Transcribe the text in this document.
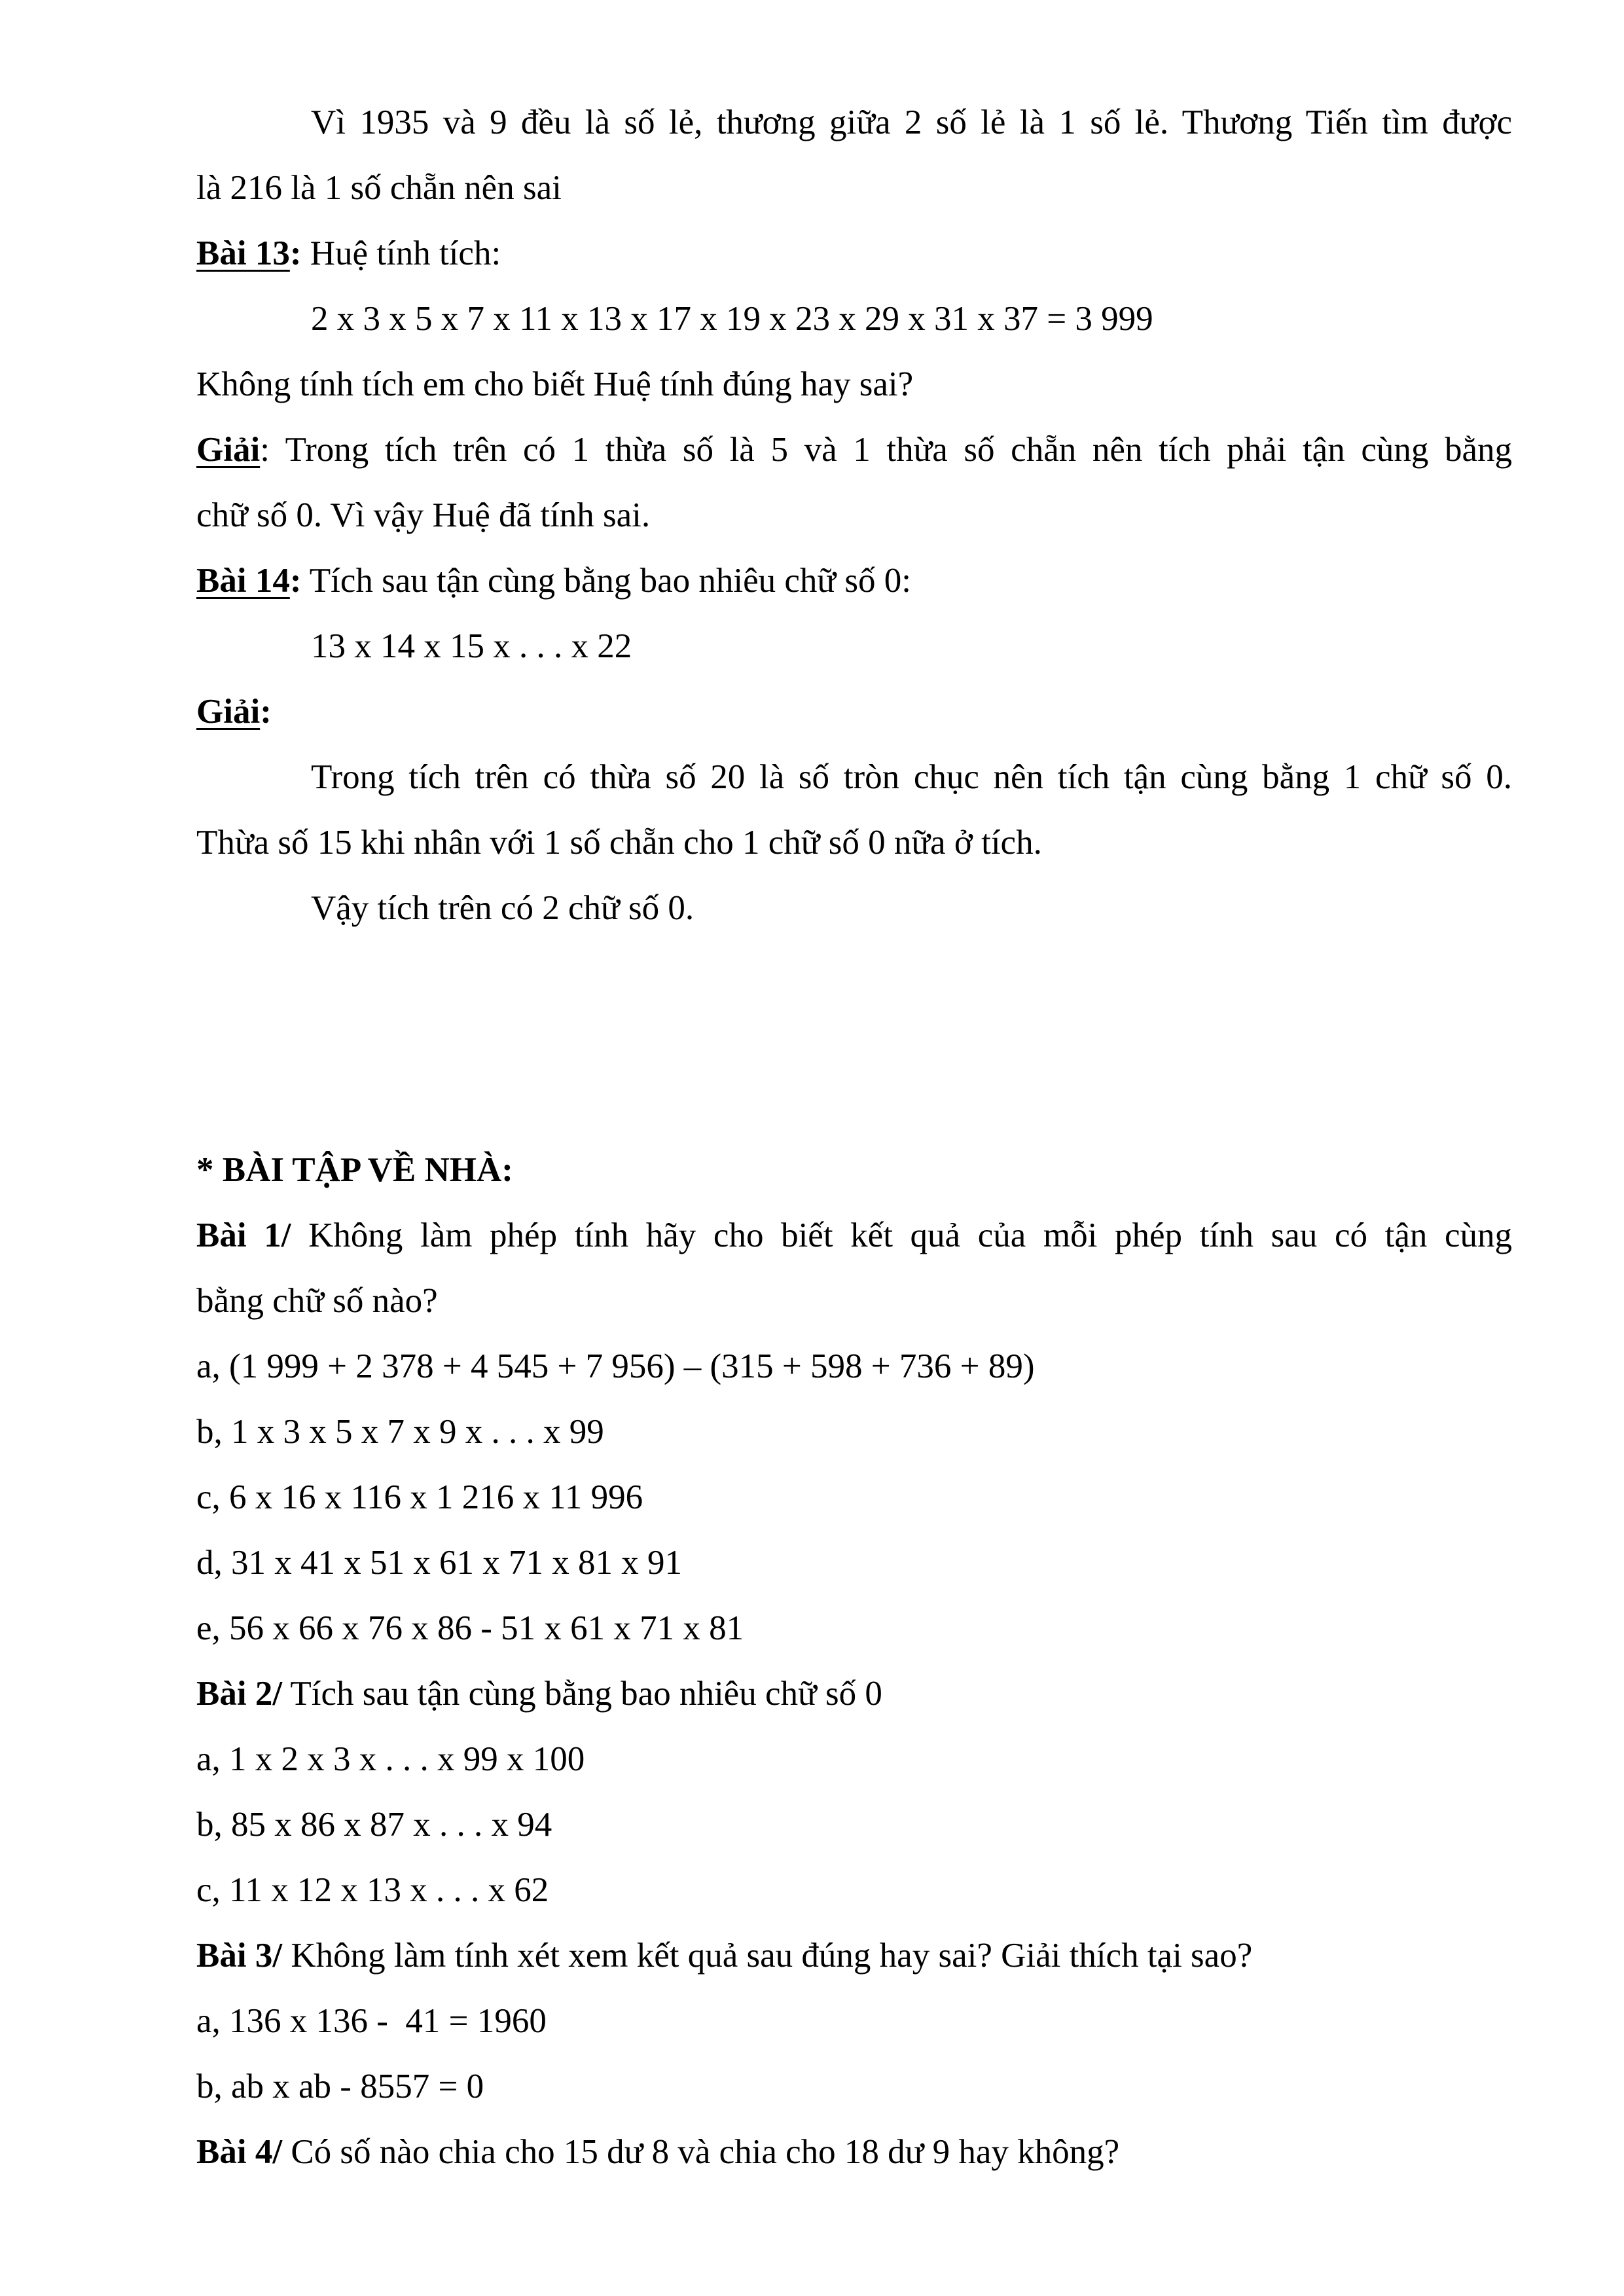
Vì 1935 và 9 đều là số lẻ, thương giữa 2 số lẻ là 1 số lẻ. Thương Tiến tìm được
là 216 là 1 số chẵn nên sai
Bài 13: Huệ tính tích:
2 x 3 x 5 x 7 x 11 x 13 x 17 x 19 x 23 x 29 x 31 x 37 = 3 999
Không tính tích em cho biết Huệ tính đúng hay sai?
Giải: Trong tích trên có 1 thừa số là 5 và 1 thừa số chẵn nên tích phải tận cùng bằng
chữ số 0. Vì vậy Huệ đã tính sai.
Bài 14: Tích sau tận cùng bằng bao nhiêu chữ số 0:
13 x 14 x 15 x . . . x 22
Giải:
Trong tích trên có thừa số 20 là số tròn chục nên tích tận cùng bằng 1 chữ số 0.
Thừa số 15 khi nhân với 1 số chẵn cho 1 chữ số 0 nữa ở tích.
Vậy tích trên có 2 chữ số 0.
* BÀI TẬP VỀ NHÀ:
Bài 1/ Không làm phép tính hãy cho biết kết quả của mỗi phép tính sau có tận cùng
bằng chữ số nào?
a, (1 999 + 2 378 + 4 545 + 7 956) – (315 + 598 + 736 + 89)
b, 1 x 3 x 5 x 7 x 9 x . . . x 99
c, 6 x 16 x 116 x 1 216 x 11 996
d, 31 x 41 x 51 x 61 x 71 x 81 x 91
e, 56 x 66 x 76 x 86 - 51 x 61 x 71 x 81
Bài 2/ Tích sau tận cùng bằng bao nhiêu chữ số 0
a, 1 x 2 x 3 x . . . x 99 x 100
b, 85 x 86 x 87 x . . . x 94
c, 11 x 12 x 13 x . . . x 62
Bài 3/ Không làm tính xét xem kết quả sau đúng hay sai? Giải thích tại sao?
a, 136 x 136 -  41 = 1960
b, ab x ab - 8557 = 0
Bài 4/ Có số nào chia cho 15 dư 8 và chia cho 18 dư 9 hay không?
